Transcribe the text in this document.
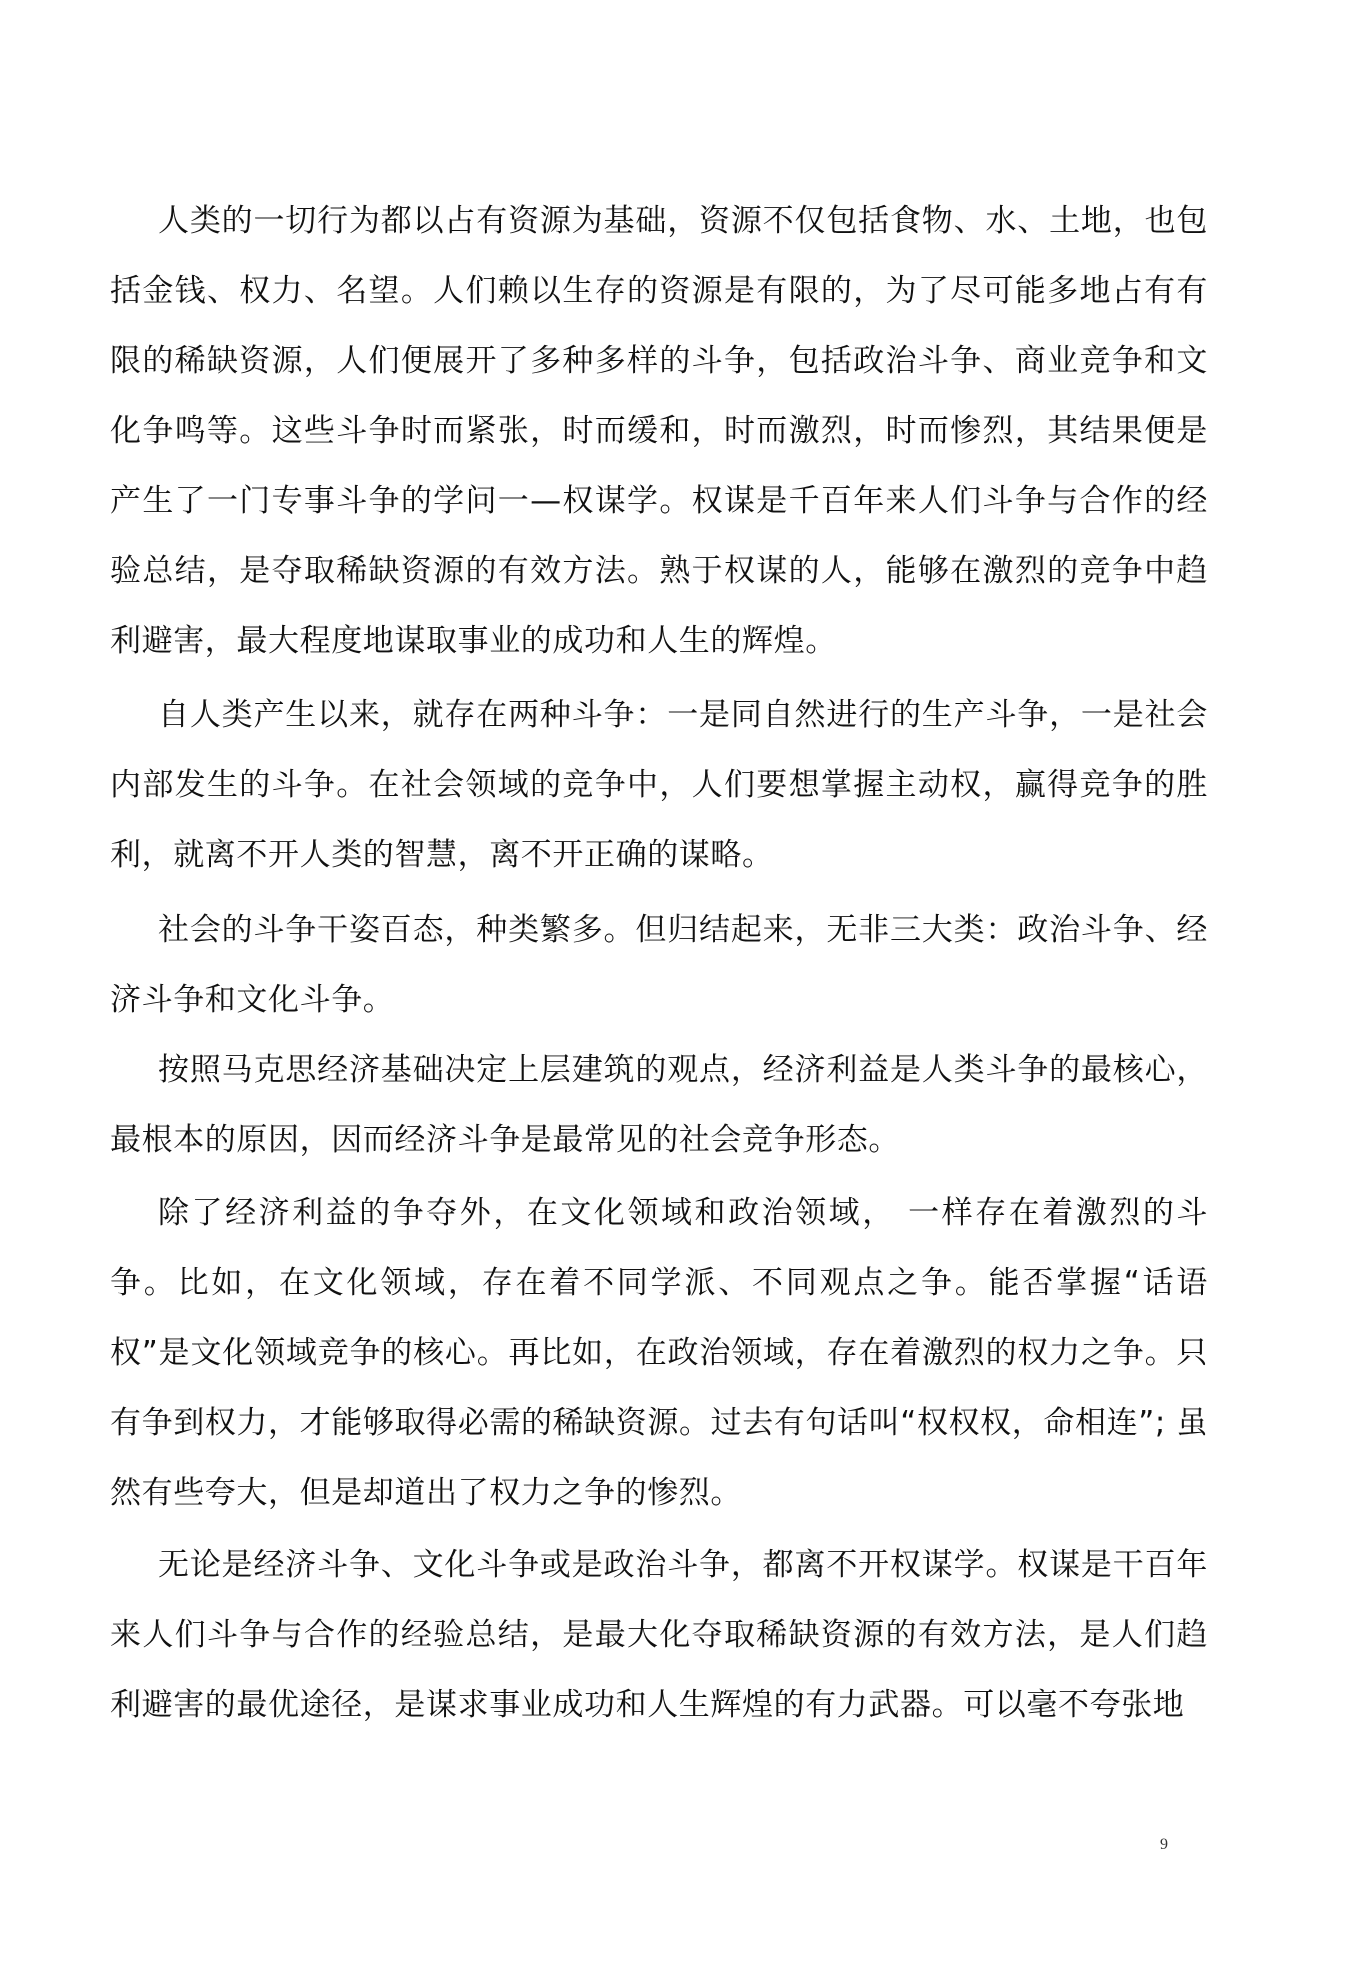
人类的一切行为都以占有资源为基础，资源不仅包括食物、水、土地，也包括金钱、权力、名望。人们赖以生存的资源是有限的，为了尽可能多地占有有限的稀缺资源，人们便展开了多种多样的斗争，包括政治斗争、商业竞争和文化争鸣等。这些斗争时而紧张，时而缓和，时而激烈，时而惨烈，其结果便是产生了一门专事斗争的学问一—权谋学。权谋是千百年来人们斗争与合作的经验总结，是夺取稀缺资源的有效方法。熟于权谋的人，能够在激烈的竞争中趋利避害，最大程度地谋取事业的成功和人生的辉煌。

自人类产生以来，就存在两种斗争：一是同自然进行的生产斗争，一是社会内部发生的斗争。在社会领域的竞争中，人们要想掌握主动权，赢得竞争的胜利，就离不开人类的智慧，离不开正确的谋略。

社会的斗争干姿百态，种类繁多。但归结起来，无非三大类：政治斗争、经济斗争和文化斗争。

按照马克思经济基础决定上层建筑的观点，经济利益是人类斗争的最核心，最根本的原因，因而经济斗争是最常见的社会竞争形态。

除了经济利益的争夺外，在文化领域和政治领域， 一样存在着激烈的斗争。比如，在文化领域，存在着不同学派、不同观点之争。能否掌握“话语权”是文化领域竞争的核心。再比如，在政治领域，存在着激烈的权力之争。只有争到权力，才能够取得必需的稀缺资源。过去有句话叫“权权权，命相连”; 虽然有些夸大，但是却道出了权力之争的惨烈。

无论是经济斗争、文化斗争或是政治斗争，都离不开权谋学。权谋是干百年来人们斗争与合作的经验总结，是最大化夺取稀缺资源的有效方法，是人们趋利避害的最优途径，是谋求事业成功和人生辉煌的有力武器。可以毫不夸张地

9
